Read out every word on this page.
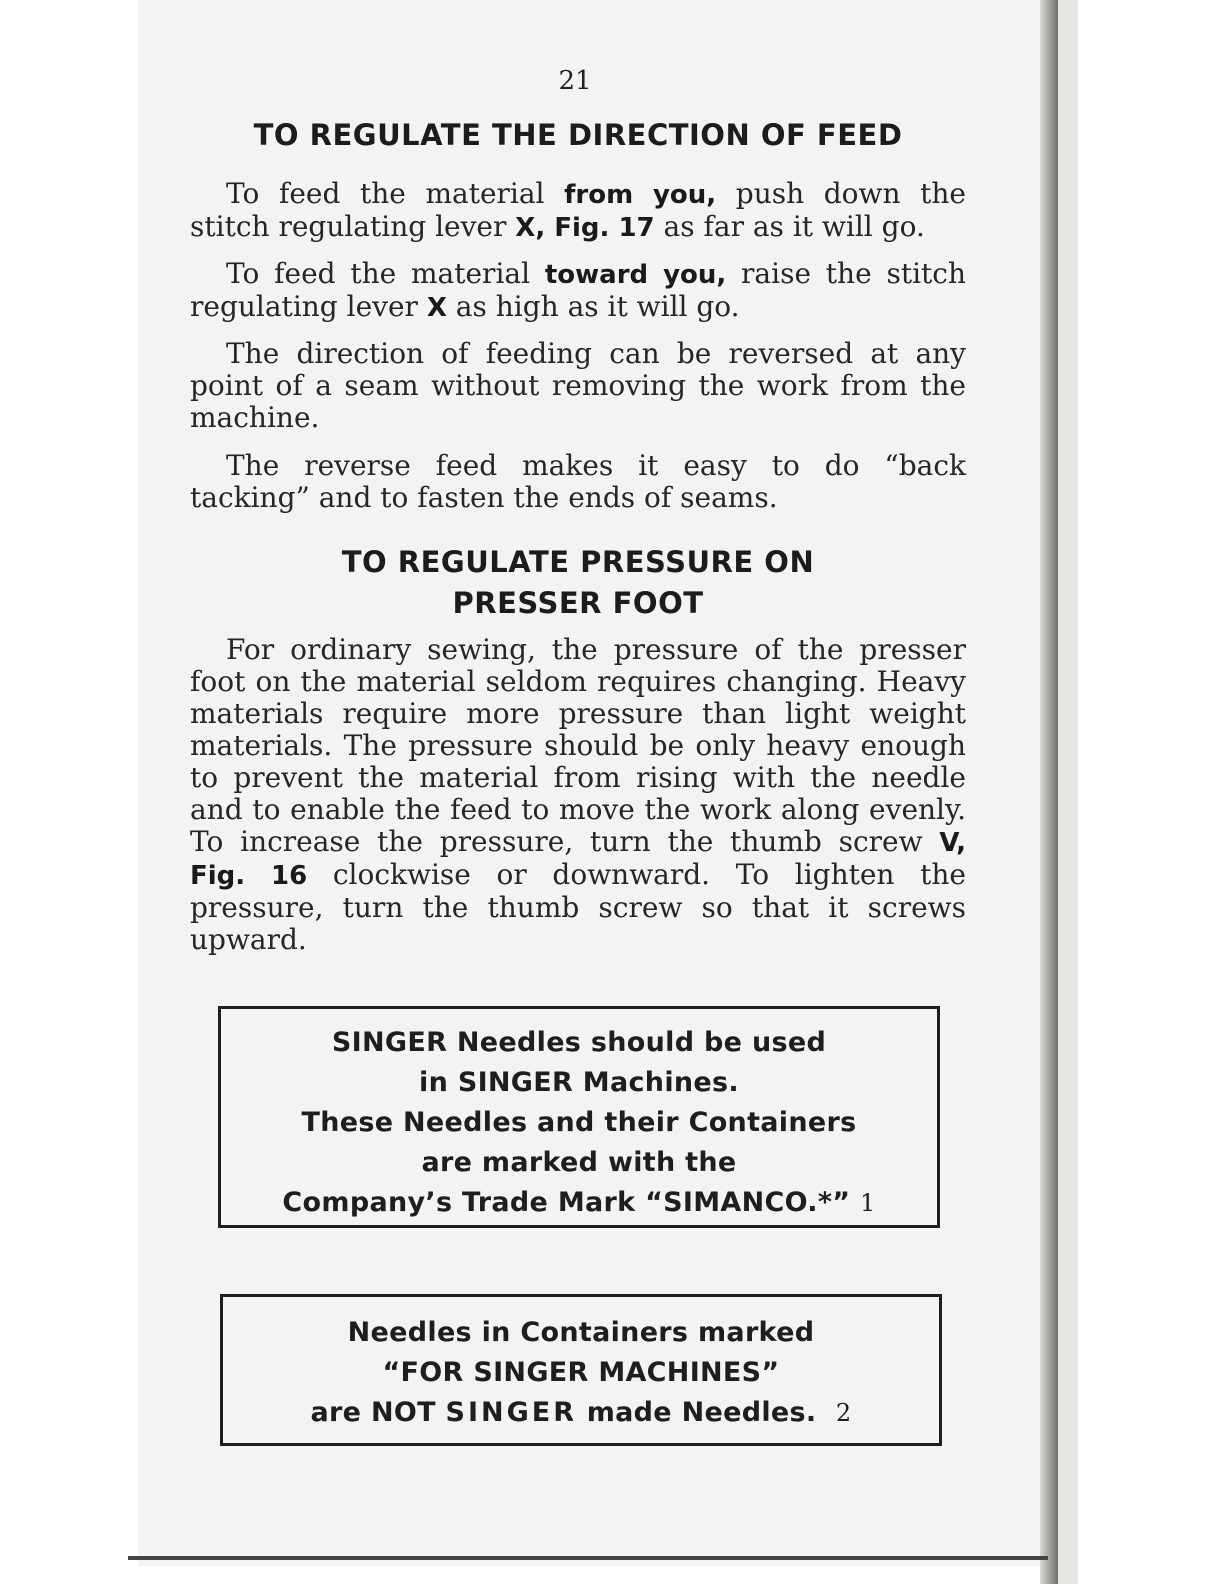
21
TO REGULATE THE DIRECTION OF FEED

To feed the material from you, push down the stitch regulating lever X, Fig. 17 as far as it will go.

To feed the material toward you, raise the stitch regulating lever X as high as it will go.

The direction of feeding can be reversed at any point of a seam without removing the work from the machine.

The reverse feed makes it easy to do “back tacking” and to fasten the ends of seams.

TO REGULATE PRESSURE ON
PRESSER FOOT

For ordinary sewing, the pressure of the presser foot on the material seldom requires changing. Heavy materials require more pressure than light weight materials. The pressure should be only heavy enough to prevent the material from rising with the needle and to enable the feed to move the work along evenly. To increase the pressure, turn the thumb screw V, Fig. 16 clockwise or downward. To lighten the pressure, turn the thumb screw so that it screws upward.

SINGER Needles should be used
in SINGER Machines.
These Needles and their Containers
are marked with the
Company’s Trade Mark “SIMANCO.*” 1
Needles in Containers marked
“FOR SINGER MACHINES”
are NOT SINGER made Needles. 2
